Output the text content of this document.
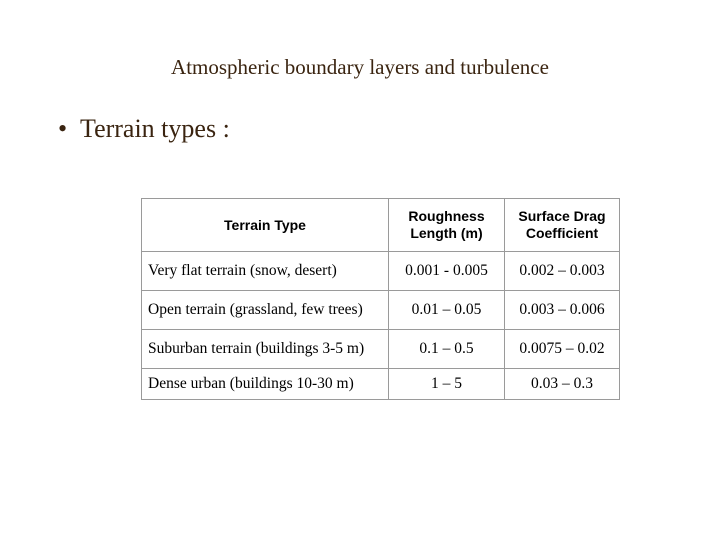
Atmospheric boundary layers and turbulence
• Terrain types :
Terrain Type	Roughness Length (m)	Surface Drag Coefficient
Very flat terrain (snow, desert)	0.001 - 0.005	0.002 – 0.003
Open terrain (grassland, few trees)	0.01 – 0.05	0.003 – 0.006
Suburban terrain (buildings 3-5 m)	0.1 – 0.5	0.0075 – 0.02
Dense urban (buildings 10-30 m)	1 – 5	0.03 – 0.3
